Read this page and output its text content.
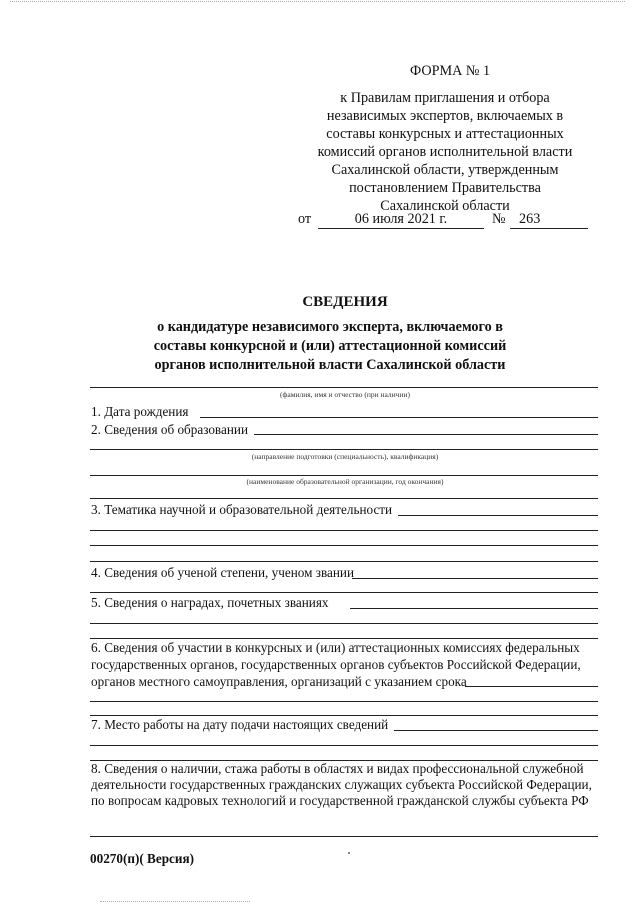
ФОРМА № 1
к Правилам приглашения и отбора
независимых экспертов, включаемых в
составы конкурсных и аттестационных
комиссий органов исполнительной власти
Сахалинской области, утвержденным
постановлением Правительства
Сахалинской области
от	06 июля 2021 г.	№ 263
СВЕДЕНИЯ
о кандидатуре независимого эксперта, включаемого в
составы конкурсной и (или) аттестационной комиссий
органов исполнительной власти Сахалинской области
(фамилия, имя и отчество (при наличии)
1. Дата рождения
2. Сведения об образовании
(направление подготовки (специальность), квалификация)
(наименование образовательной организации, год окончания)
3. Тематика научной и образовательной деятельности
4. Сведения об ученой степени, ученом звании
5. Сведения о наградах, почетных званиях
6. Сведения об участии в конкурсных и (или) аттестационных комиссиях федеральных
государственных органов, государственных органов субъектов Российской Федерации,
органов местного самоуправления, организаций с указанием срока
7. Место работы на дату подачи настоящих сведений
8. Сведения о наличии, стажа работы в областях и видах профессиональной служебной
деятельности государственных гражданских служащих субъекта Российской Федерации,
по вопросам кадровых технологий и государственной гражданской службы субъекта РФ
00270(п)( Версия)
